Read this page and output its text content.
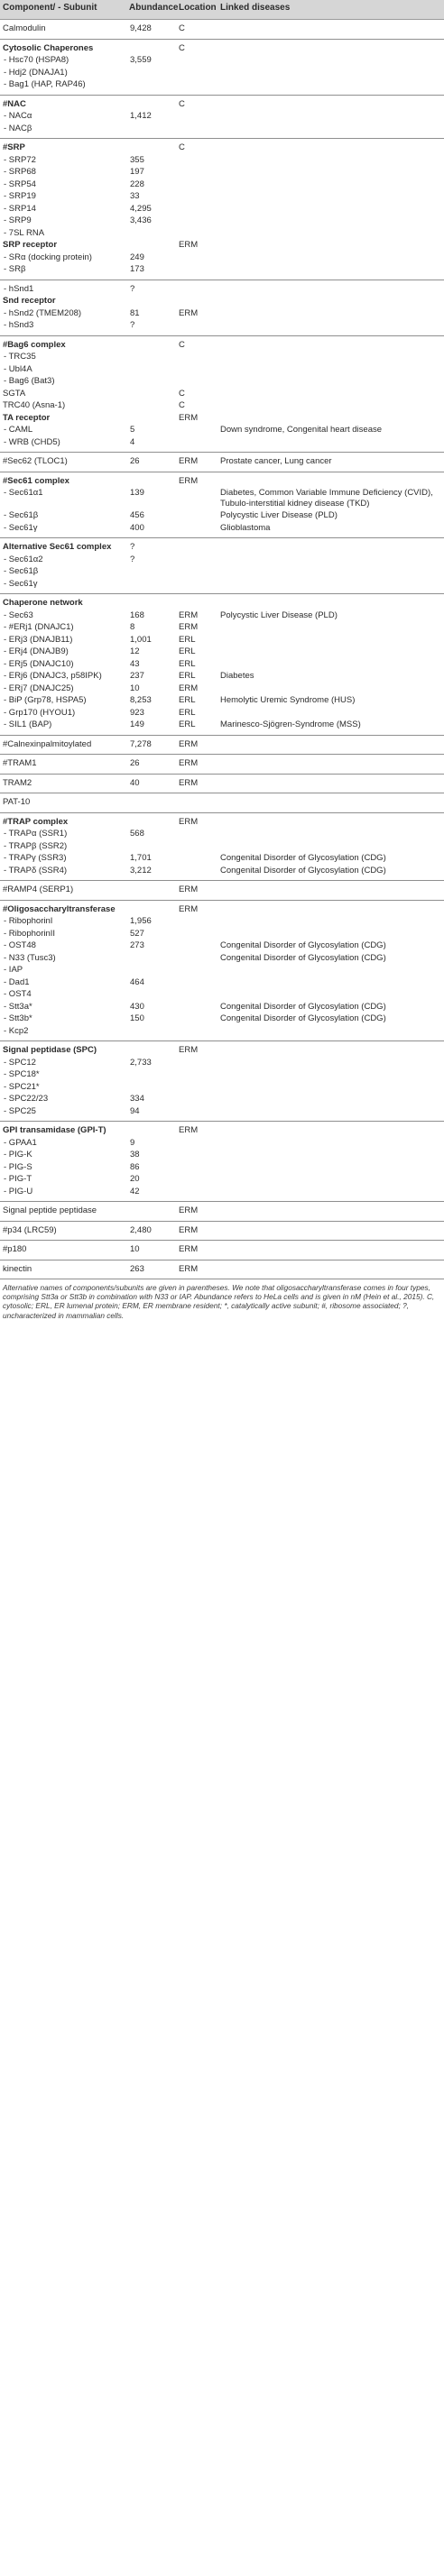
Component/ - Subunit	Abundance	Location	Linked diseases
Calmodulin	9,428	C	
Cytosolic Chaperones		C	
- Hsc70 (HSPA8)	3,559		
- Hdj2 (DNAJA1)			
- Bag1 (HAP, RAP46)			
#NAC		C	
- NACα	1,412		
- NACβ			
#SRP		C	
- SRP72	355		
- SRP68	197		
- SRP54	228		
- SRP19	33		
- SRP14	4,295		
- SRP9	3,436		
- 7SL RNA			
SRP receptor		ERM	
- SRα (docking protein)	249		
- SRβ	173		
- hSnd1	?		
Snd receptor			
- hSnd2 (TMEM208)	81	ERM	
- hSnd3	?		
#Bag6 complex		C	
- TRC35			
- Ubl4A			
- Bag6 (Bat3)			
SGTA		C	
TRC40 (Asna-1)		C	
TA receptor		ERM	
- CAML	5		Down syndrome, Congenital heart disease
- WRB (CHD5)	4		
#Sec62 (TLOC1)	26	ERM	Prostate cancer, Lung cancer
#Sec61 complex		ERM	
- Sec61α1	139		Diabetes, Common Variable Immune Deficiency (CVID), Tubulo-interstitial kidney disease (TKD)
- Sec61β	456		Polycystic Liver Disease (PLD)
- Sec61γ	400		Glioblastoma
Alternative Sec61 complex	?		
- Sec61α2	?		
- Sec61β			
- Sec61γ			
Chaperone network			
- Sec63	168	ERM	Polycystic Liver Disease (PLD)
- #ERj1 (DNAJC1)	8	ERM	
- ERj3 (DNAJB11)	1,001	ERL	
- ERj4 (DNAJB9)	12	ERL	
- ERj5 (DNAJC10)	43	ERL	
- ERj6 (DNAJC3, p58IPK)	237	ERL	Diabetes
- ERj7 (DNAJC25)	10	ERM	
- BiP (Grp78, HSPA5)	8,253	ERL	Hemolytic Uremic Syndrome (HUS)
- Grp170 (HYOU1)	923	ERL	
- SIL1 (BAP)	149	ERL	Marinesco-Sjögren-Syndrome (MSS)
#Calnexinpalmitoylated	7,278	ERM	
#TRAM1	26	ERM	
TRAM2	40	ERM	
PAT-10			
#TRAP complex		ERM	
- TRAPα (SSR1)	568		
- TRAPβ (SSR2)			
- TRAPγ (SSR3)	1,701		Congenital Disorder of Glycosylation (CDG)
- TRAPδ (SSR4)	3,212		Congenital Disorder of Glycosylation (CDG)
#RAMP4 (SERP1)		ERM	
#Oligosaccharyltransferase		ERM	
- RibophorinI	1,956		
- RibophorinII	527		
- OST48	273		Congenital Disorder of Glycosylation (CDG)
- N33 (Tusc3)			Congenital Disorder of Glycosylation (CDG)
- IAP			
- Dad1	464		
- OST4			
- Stt3a*	430		Congenital Disorder of Glycosylation (CDG)
- Stt3b*	150		Congenital Disorder of Glycosylation (CDG)
- Kcp2			
Signal peptidase (SPC)		ERM	
- SPC12	2,733		
- SPC18*			
- SPC21*			
- SPC22/23	334		
- SPC25	94		
GPI transamidase (GPI-T)		ERM	
- GPAA1	9		
- PIG-K	38		
- PIG-S	86		
- PIG-T	20		
- PIG-U	42		
Signal peptide peptidase		ERM	
#p34 (LRC59)	2,480	ERM	
#p180	10	ERM	
kinectin	263	ERM	
Alternative names of components/subunits are given in parentheses. We note that oligosaccharyltransferase comes in four types, comprising Stt3a or Stt3b in combination with N33 or IAP. Abundance refers to HeLa cells and is given in nM (Hein et al., 2015). C, cytosolic; ERL, ER lumenal protein; ERM, ER membrane resident; *, catalytically active subunit; #, ribosome associated; ?, uncharacterized in mammalian cells.
